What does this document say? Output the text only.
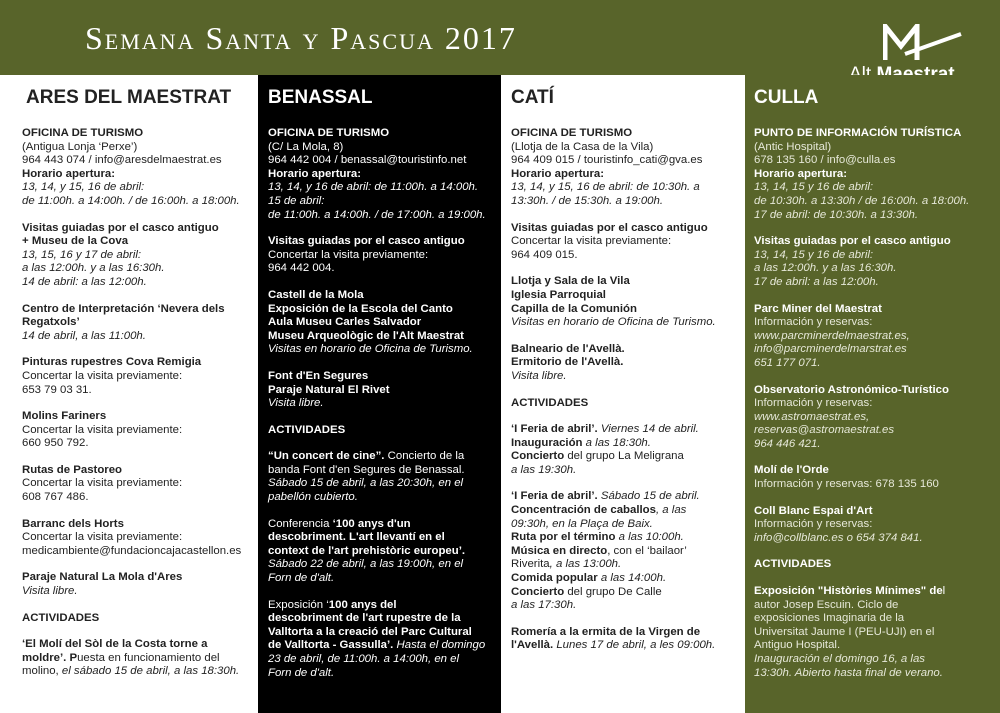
Semana Santa y Pascua 2017
ARES DEL MAESTRAT
OFICINA DE TURISMO
(Antigua Lonja ‘Perxe’)
964 443 074 / info@aresdelmaestrat.es
Horario apertura:
13, 14, y 15, 16 de abril:
de 11:00h. a 14:00h. / de 16:00h. a 18:00h.
Visitas guiadas por el casco antiguo
+ Museu de la Cova
13, 15, 16 y 17 de abril:
a las 12:00h. y a las 16:30h.
14 de abril: a las 12:00h.
Centro de Interpretación ‘Nevera dels
Regatxols’
14 de abril, a las 11:00h.
Pinturas rupestres Cova Remigia
Concertar la visita previamente:
653 79 03 31.
Molins Fariners
Concertar la visita previamente:
660 950 792.
Rutas de Pastoreo
Concertar la visita previamente:
608 767 486.
Barranc dels Horts
Concertar la visita previamente:
medicambiente@fundacioncajacastellon.es
Paraje Natural La Mola d'Ares
Visita libre.
ACTIVIDADES
‘El Molí del Sòl de la Costa torne a
moldre’. Puesta en funcionamiento del
molino, el sábado 15 de abril, a las 18:30h.
BENASSAL
OFICINA DE TURISMO
(C/ La Mola, 8)
964 442 004 / benassal@touristinfo.net
Horario apertura:
13, 14, y 16 de abril: de 11:00h. a 14:00h.
15 de abril:
de 11:00h. a 14:00h. / de 17:00h. a 19:00h.
Visitas guiadas por el casco antiguo
Concertar la visita previamente:
964 442 004.
Castell de la Mola
Exposición de la Escola del Canto
Aula Museu Carles Salvador
Museu Arqueològic de l'Alt Maestrat
Visitas en horario de Oficina de Turismo.
Font d'En Segures
Paraje Natural El Rivet
Visita libre.
ACTIVIDADES
“Un concert de cine”. Concierto de la
banda Font d'en Segures de Benassal.
Sábado 15 de abril, a las 20:30h, en el
pabellón cubierto.
Conferencia ‘100 anys d'un
descobriment. L'art llevantí en el
context de l'art prehistòric europeu’.
Sábado 22 de abril, a las 19:00h, en el
Forn de d'alt.
Exposición ‘100 anys del
descobriment de l'art rupestre de la
Valltorta a la creació del Parc Cultural
de Valltorta - Gassulla’. Hasta el domingo
23 de abril, de 11:00h. a 14:00h, en el
Forn de d'alt.
CATÍ
OFICINA DE TURISMO
(Llotja de la Casa de la Vila)
964 409 015 / touristinfo_cati@gva.es
Horario apertura:
13, 14, y 15, 16 de abril: de 10:30h. a
13:30h. / de 15:30h. a 19:00h.
Visitas guiadas por el casco antiguo
Concertar la visita previamente:
964 409 015.
Llotja y Sala de la Vila
Iglesia Parroquial
Capilla de la Comunión
Visitas en horario de Oficina de Turismo.
Balneario de l'Avellà.
Ermitorio de l'Avellà.
Visita libre.
ACTIVIDADES
‘I Feria de abril’. Viernes 14 de abril.
Inauguración a las 18:30h.
Concierto del grupo La Meligrana
a las 19:30h.
‘I Feria de abril’. Sábado 15 de abril.
Concentración de caballos, a las
09:30h, en la Plaça de Baix.
Ruta por el término a las 10:00h.
Música en directo, con el ‘bailaor’
Riverita, a las 13:00h.
Comida popular a las 14:00h.
Concierto del grupo De Calle
a las 17:30h.
Romería a la ermita de la Virgen de
l'Avellà. Lunes 17 de abril, a les 09:00h.
CULLA
PUNTO DE INFORMACIÓN TURÍSTICA
(Antic Hospital)
678 135 160 / info@culla.es
Horario apertura:
13, 14, 15 y 16 de abril:
de 10:30h. a 13:30h / de 16:00h. a 18:00h.
17 de abril: de 10:30h. a 13:30h.
Visitas guiadas por el casco antiguo
13, 14, 15 y 16 de abril:
a las 12:00h. y a las 16:30h.
17 de abril: a las 12:00h.
Parc Miner del Maestrat
Información y reservas:
www.parcminerdelmaestrat.es,
info@parcminerdelmarstrat.es
651 177 071.
Observatorio Astronómico-Turístico
Información y reservas:
www.astromaestrat.es,
reservas@astromaestrat.es
964 446 421.
Molí de l'Orde
Información y reservas: 678 135 160
Coll Blanc Espai d'Art
Información y reservas:
info@collblanc.es o 654 374 841.
ACTIVIDADES
Exposición "Històries Mínimes" del
autor Josep Escuin. Ciclo de
exposiciones Imaginaria de la
Universitat Jaume I (PEU-UJI) en el
Antiguo Hospital.
Inauguración el domingo 16, a las
13:30h. Abierto hasta final de verano.
